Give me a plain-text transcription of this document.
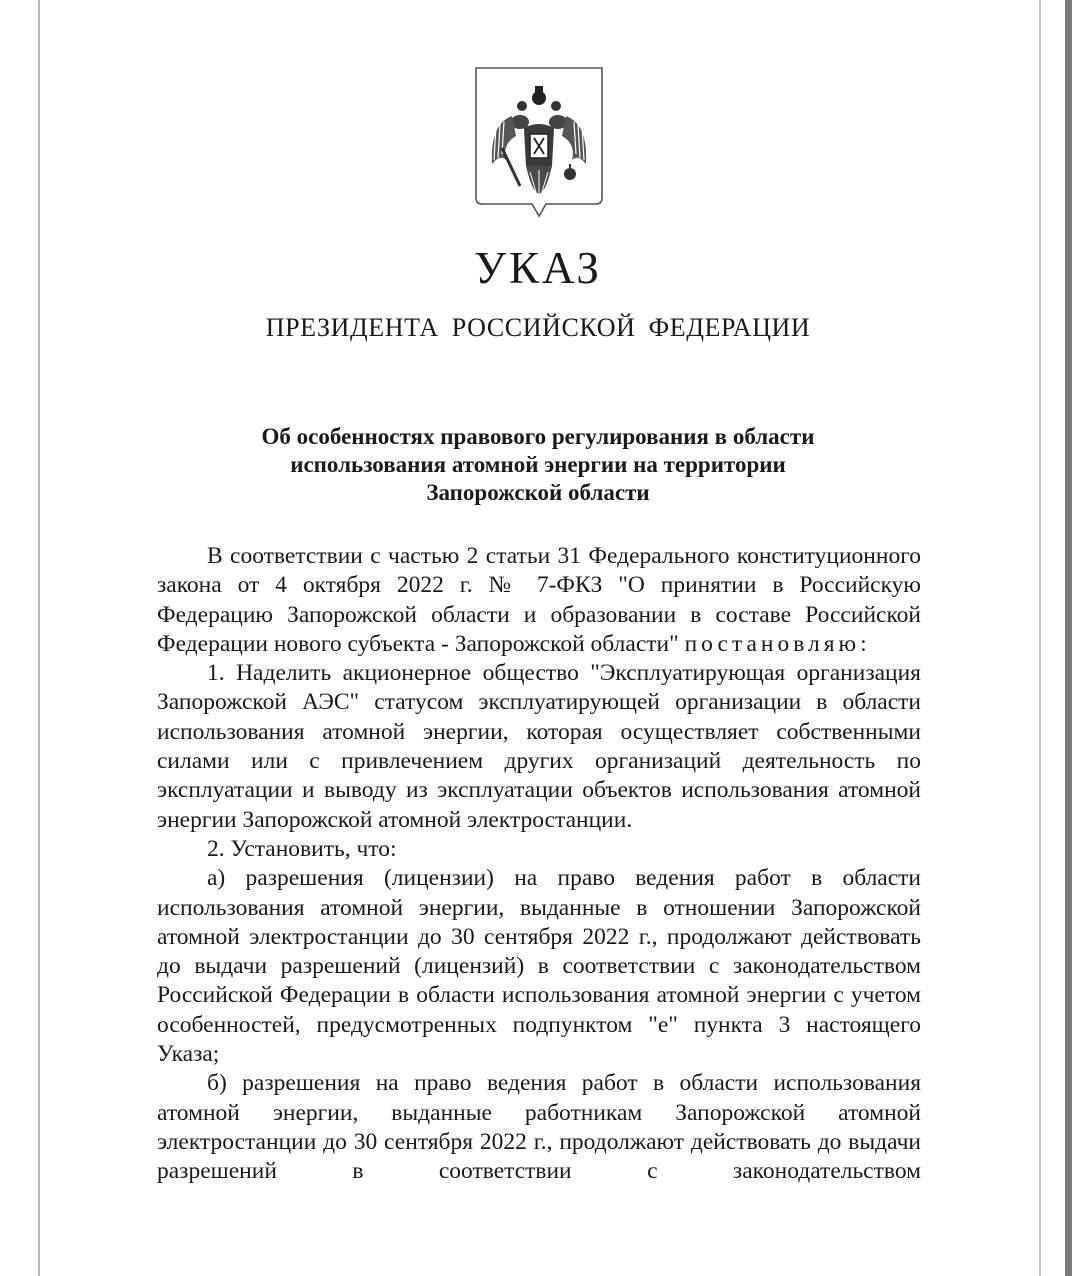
УКАЗ
ПРЕЗИДЕНТА РОССИЙСКОЙ ФЕДЕРАЦИИ
Об особенностях правового регулирования в области
использования атомной энергии на территории
Запорожской области

В соответствии с частью 2 статьи 31 Федерального конституционного закона от 4 октября 2022 г. № 7-ФКЗ "О принятии в Российскую Федерацию Запорожской области и образовании в составе Российской Федерации нового субъекта - Запорожской области" постановляю:

1. Наделить акционерное общество "Эксплуатирующая организация Запорожской АЭС" статусом эксплуатирующей организации в области использования атомной энергии, которая осуществляет собственными силами или с привлечением других организаций деятельность по эксплуатации и выводу из эксплуатации объектов использования атомной энергии Запорожской атомной электростанции.

2. Установить, что:

а) разрешения (лицензии) на право ведения работ в области использования атомной энергии, выданные в отношении Запорожской атомной электростанции до 30 сентября 2022 г., продолжают действовать до выдачи разрешений (лицензий) в соответствии с законодательством Российской Федерации в области использования атомной энергии с учетом особенностей, предусмотренных подпунктом "е" пункта 3 настоящего Указа;

б) разрешения на право ведения работ в области использования атомной энергии, выданные работникам Запорожской атомной электростанции до 30 сентября 2022 г., продолжают действовать до выдачи разрешений в соответствии с законодательством
